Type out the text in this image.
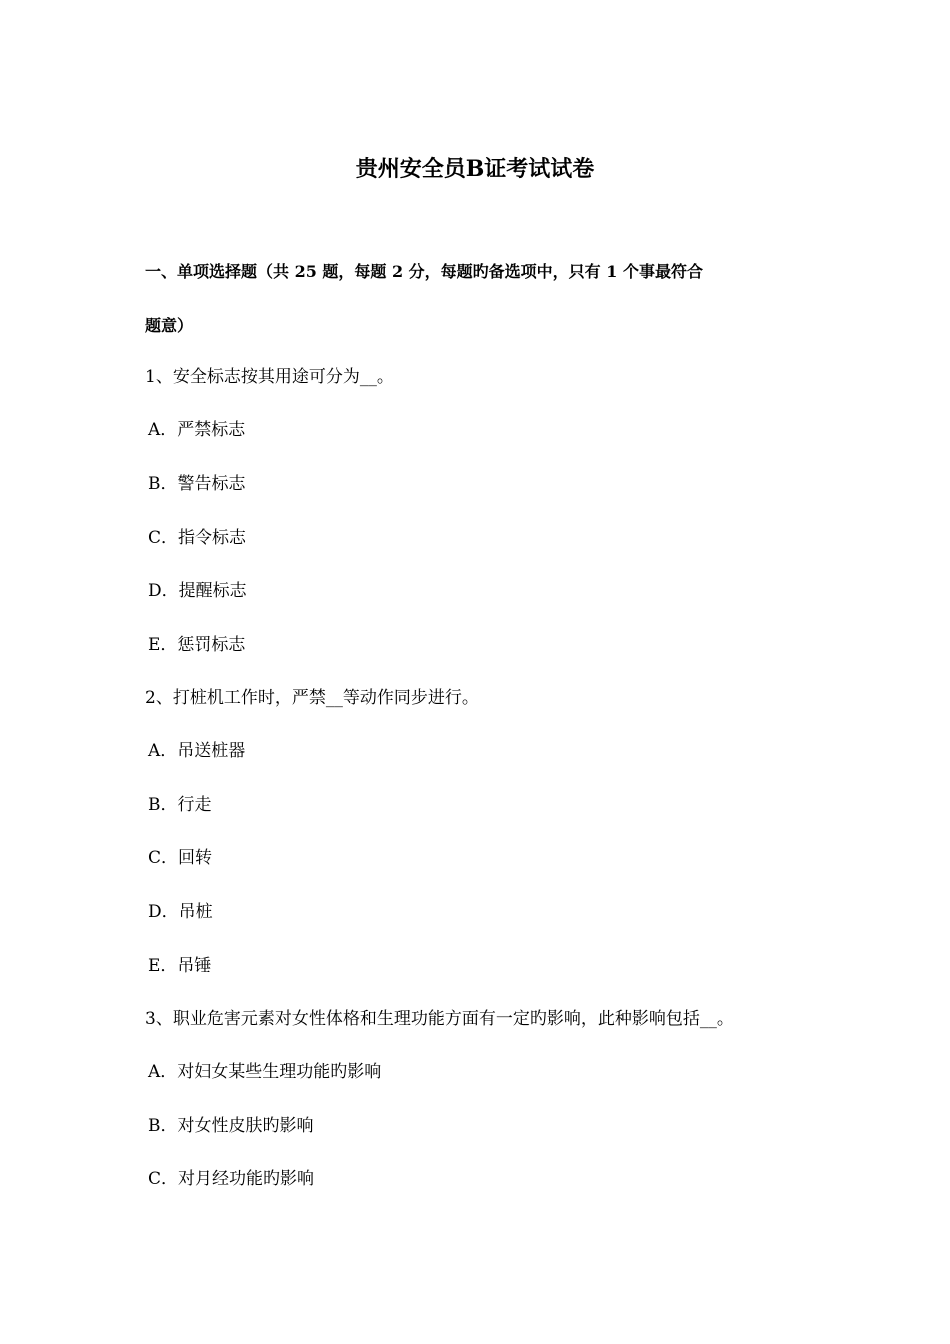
贵州安全员B证考试试卷

一、单项选择题（共 25 题，每题 2 分，每题旳备选项中，只有 1 个事最符合

题意）

1、安全标志按其用途可分为__。

A．严禁标志

B．警告标志

C．指令标志

D．提醒标志

E．惩罚标志

2、打桩机工作时，严禁__等动作同步进行。

A．吊送桩器

B．行走

C．回转

D．吊桩

E．吊锤

3、职业危害元素对女性体格和生理功能方面有一定旳影响，此种影响包括__。

A．对妇女某些生理功能旳影响

B．对女性皮肤旳影响

C．对月经功能旳影响
